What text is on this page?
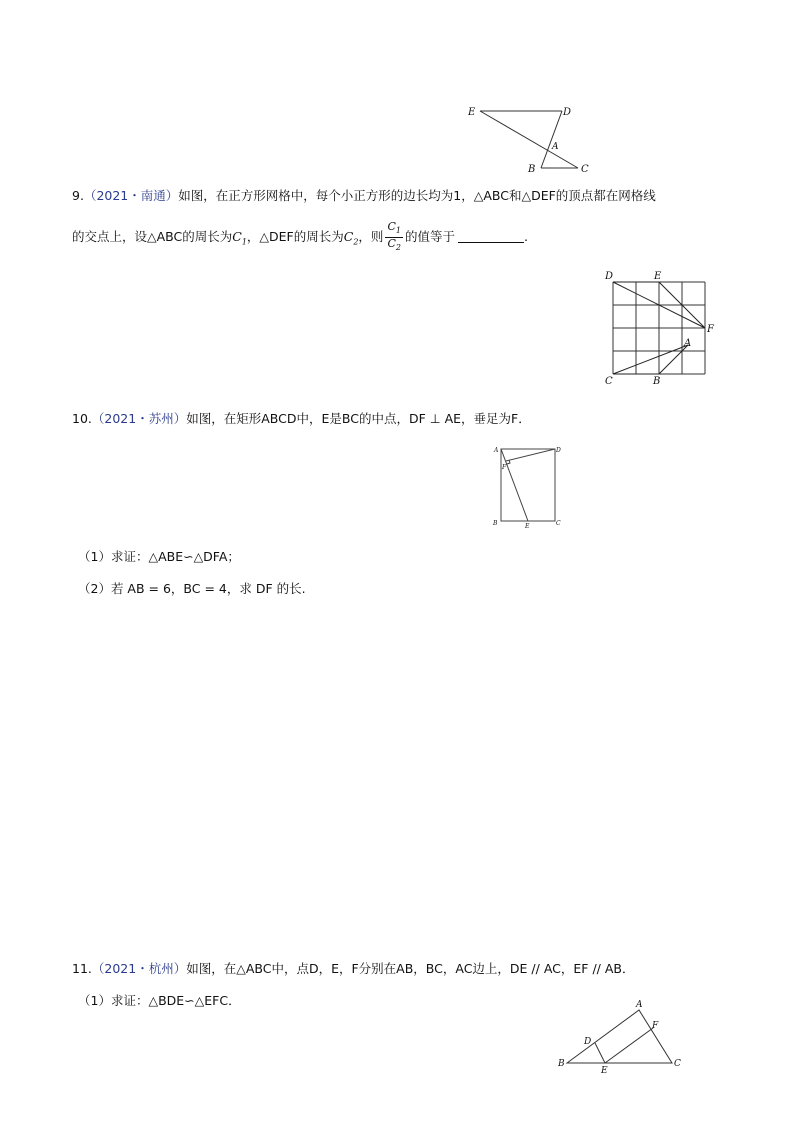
E	D
A
B	C
9.（2021・南通）如图，在正方形网格中，每个小正方形的边长均为1，△ABC和△DEF的顶点都在网格线
的交点上，设△ABC的周长为$C_1$，△DEF的周长为$C_2$，则 $\frac{C_1}{C_2}$ 的值等于	.
D	E
F
A
C	B
10.（2021・苏州）如图，在矩形ABCD中，E是BC的中点，DF ⊥ AE，垂足为F．
A	D
F
B	E	C
（1）求证：△ABE∽△DFA；
（2）若 AB = 6，BC = 4，求 DF 的长.
11.（2021・杭州）如图，在△ABC中，点D，E，F分别在AB，BC，AC边上，DE // AC，EF // AB．
（1）求证：△BDE∽△EFC．	A
F
D
B
E
C
